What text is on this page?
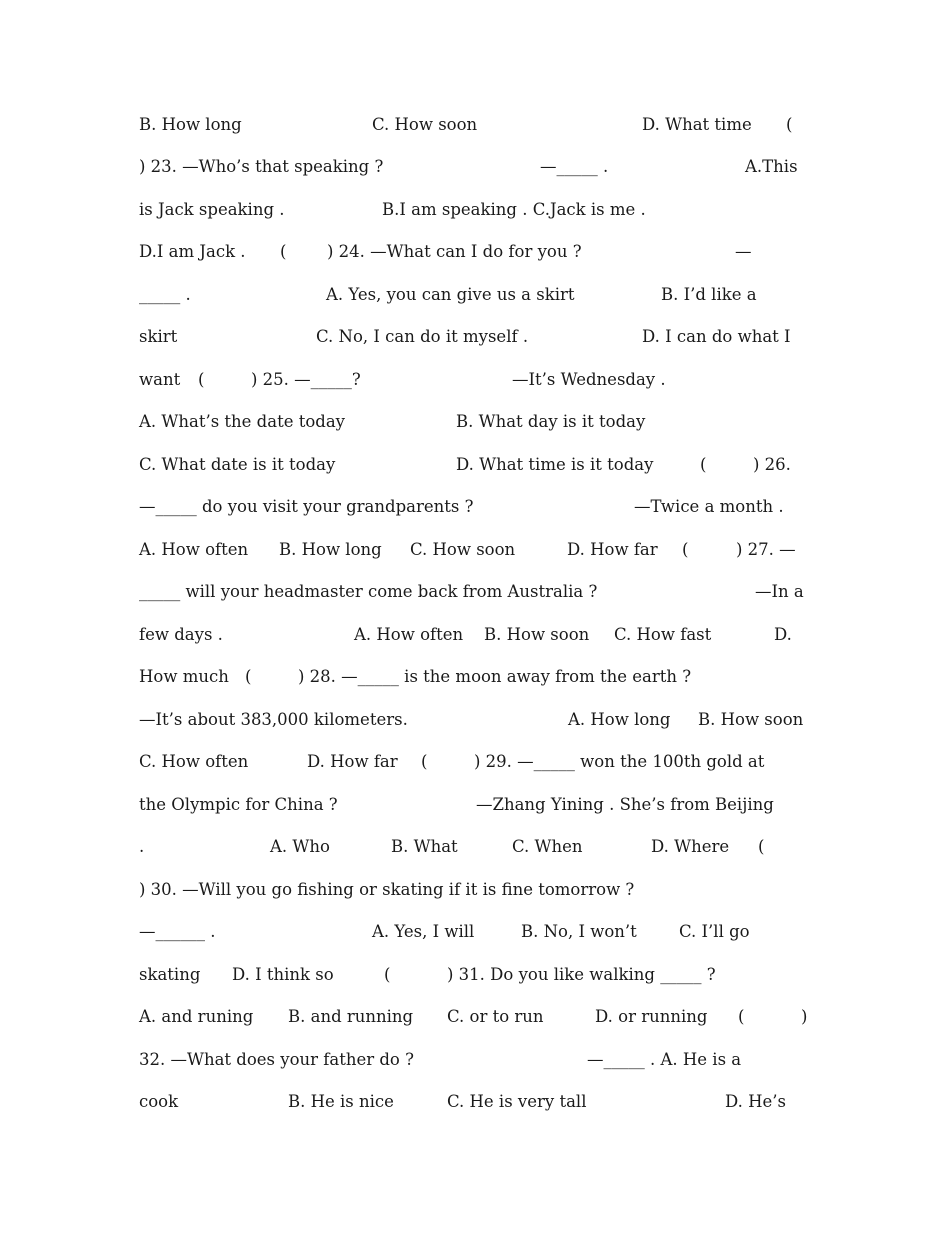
B. How long

	C. How soon

	D. What time

(

) 23. —Who’s that speaking ?

	—_____ .

	A.This

is Jack speaking .

	B.I am speaking . C.Jack is me .

D.I am Jack .

(

) 24. —What can I do for you ?

	—

_____ .

	A. Yes, you can give us a skirt

	B. I’d like a

skirt

	C. No, I can do it myself .

	D. I can do what I

want

(

	) 25. —_____?

	—It’s Wednesday .

A. What’s the date today

	B. What day is it today

C. What date is it today

	D. What time is it today

	(

	) 26.

—_____ do you visit your grandparents ?

	—Twice a month .

A. How often

B. How long

C. How soon

	D. How far

(

	) 27. —

_____ will your headmaster come back from Australia ?

	—In a

few days .

	A. How often

B. How soon

C. How fast

	D.

How much

(

	) 28. —_____ is the moon away from the earth ?

—It’s about 383,000 kilometers.

	A. How long

B. How soon

C. How often

	D. How far

(

	) 29. —_____ won the 100th gold at

the Olympic for China ?

	—Zhang Yining . She’s from Beijing

.

	A. Who

	B. What

	C. When

	D. Where

(

) 30. —Will you go fishing or skating if it is fine tomorrow ?

—______ .

	A. Yes, I will

	B. No, I won’t

	C. I’ll go

skating

D. I think so

	(

	) 31. Do you like walking _____ ?

A. and runing

B. and running

C. or to run

	D. or running

(

	)

32. —What does your father do ?

	—_____ . A. He is a

cook

	B. He is nice

	C. He is very tall

	D. He’s
